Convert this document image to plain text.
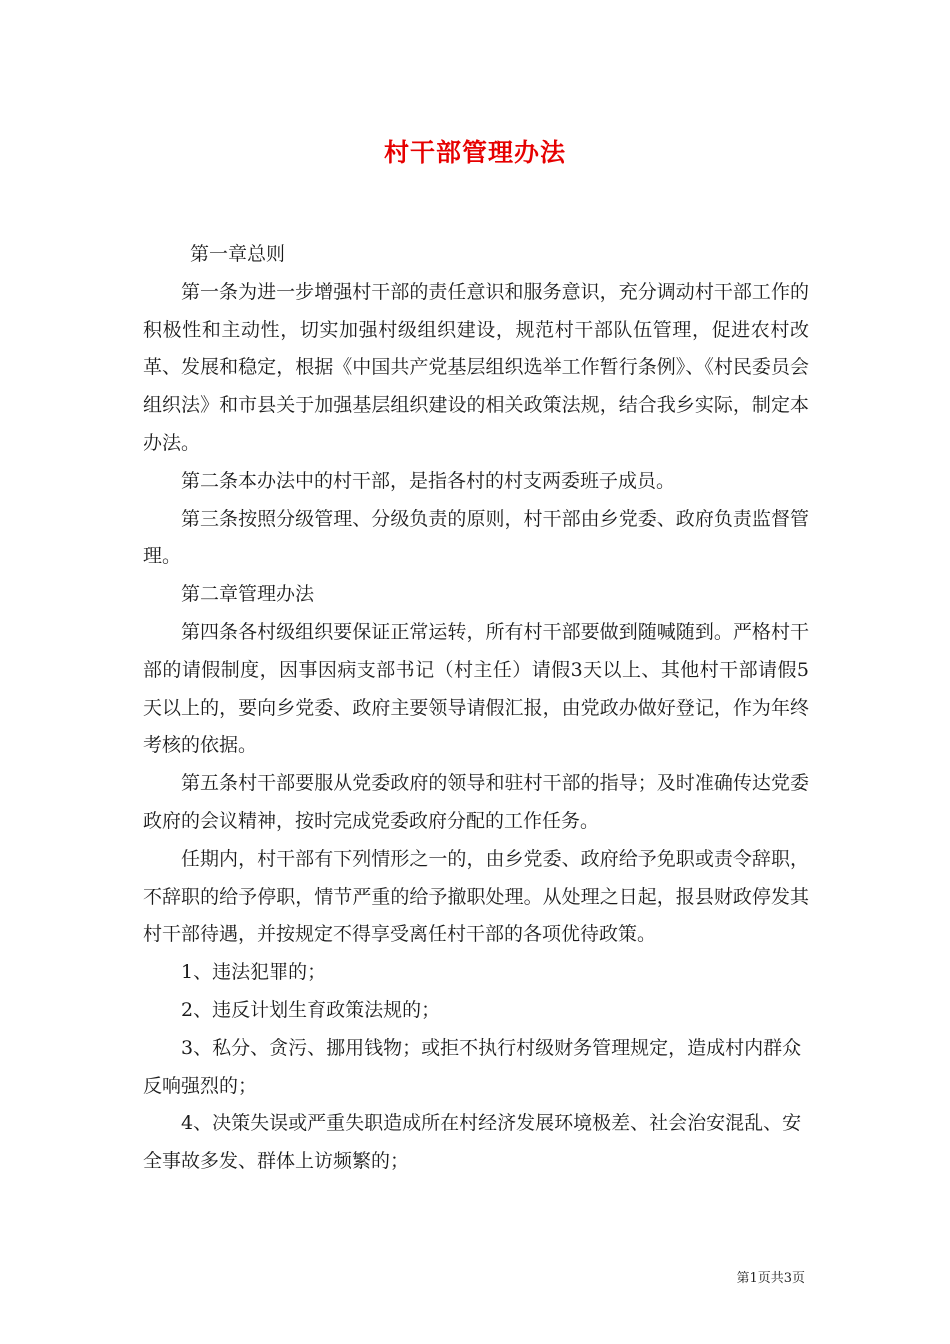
村干部管理办法

第一章总则

第一条为进一步增强村干部的责任意识和服务意识，充分调动村干部工作的积极性和主动性，切实加强村级组织建设，规范村干部队伍管理，促进农村改革、发展和稳定，根据《中国共产党基层组织选举工作暂行条例》、《村民委员会组织法》和市县关于加强基层组织建设的相关政策法规，结合我乡实际，制定本办法。

第二条本办法中的村干部，是指各村的村支两委班子成员。

第三条按照分级管理、分级负责的原则，村干部由乡党委、政府负责监督管理。

第二章管理办法

第四条各村级组织要保证正常运转，所有村干部要做到随喊随到。严格村干部的请假制度，因事因病支部书记（村主任）请假3天以上、其他村干部请假5天以上的，要向乡党委、政府主要领导请假汇报，由党政办做好登记，作为年终考核的依据。

第五条村干部要服从党委政府的领导和驻村干部的指导；及时准确传达党委政府的会议精神，按时完成党委政府分配的工作任务。

任期内，村干部有下列情形之一的，由乡党委、政府给予免职或责令辞职，不辞职的给予停职，情节严重的给予撤职处理。从处理之日起，报县财政停发其村干部待遇，并按规定不得享受离任村干部的各项优待政策。

1、违法犯罪的；

2、违反计划生育政策法规的；

3、私分、贪污、挪用钱物；或拒不执行村级财务管理规定，造成村内群众反响强烈的；

4、决策失误或严重失职造成所在村经济发展环境极差、社会治安混乱、安全事故多发、群体上访频繁的；

第1页共3页
